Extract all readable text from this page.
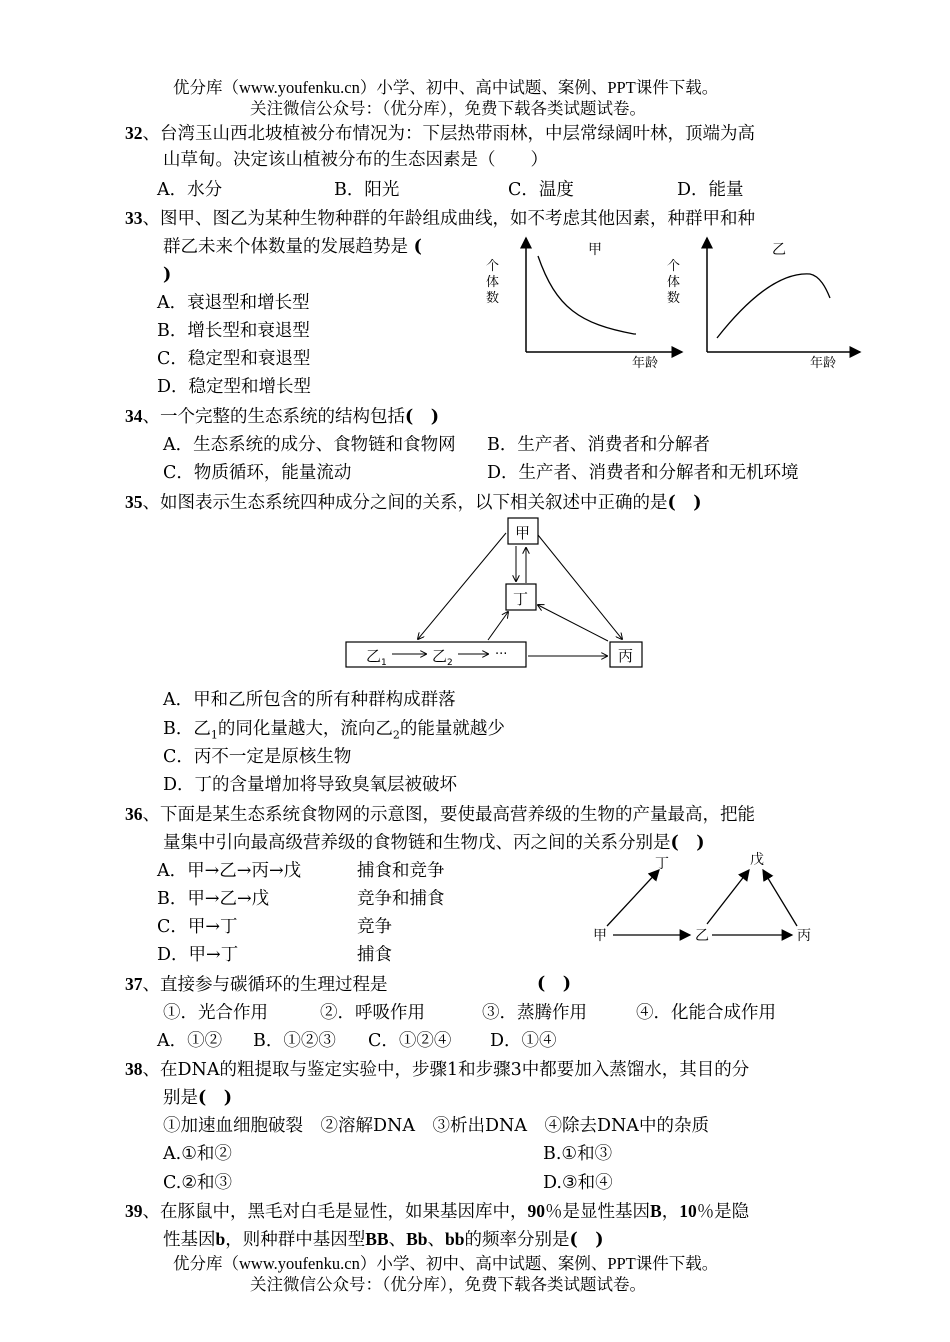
优分库（www.youfenku.cn）小学、初中、高中试题、案例、PPT课件下载。
关注微信公众号：（优分库），免费下载各类试题试卷。
32、台湾玉山西北坡植被分布情况为：下层热带雨林，中层常绿阔叶林，顶端为高
山草甸。决定该山植被分布的生态因素是（　　）
A．水分	B．阳光	C．温度	D．能量
33、图甲、图乙为某种生物种群的年龄组成曲线，如不考虑其他因素，种群甲和种
群乙未来个体数量的发展趋势是 (
)
A．衰退型和增长型
B．增长型和衰退型
C．稳定型和衰退型
D．稳定型和增长型
甲
年龄
个体数
乙
年龄
个体数
34、一个完整的生态系统的结构包括(　)
A．生态系统的成分、食物链和食物网 B．生产者、消费者和分解者
C．物质循环，能量流动	D．生产者、消费者和分解者和无机环境
35、如图表示生态系统四种成分之间的关系，以下相关叙述中正确的是(　)
甲
丁
丙
乙$_1$	乙$_2$
···
A．甲和乙所包含的所有种群构成群落
B．乙$_1$的同化量越大，流向乙$_2$的能量就越少
C．丙不一定是原核生物
D．丁的含量增加将导致臭氧层被破坏
36、下面是某生态系统食物网的示意图，要使最高营养级的生物的产量最高，把能
量集中引向最高级营养级的食物链和生物戊、丙之间的关系分别是(　)
A．甲→乙→丙→戊	捕食和竞争
B．甲→乙→戊	竞争和捕食
C．甲→丁	竞争
D．甲→丁	捕食
甲	乙	丙
丁	戊
37、直接参与碳循环的生理过程是	(　)
①．光合作用	②．呼吸作用	③．蒸腾作用	④．化能合成作用
A．①② B．①②③ C．①②④ D．①④
38、在DNA的粗提取与鉴定实验中，步骤1和步骤3中都要加入蒸馏水，其目的分
别是(　)
①加速血细胞破裂　②溶解DNA　③析出DNA　④除去DNA中的杂质
A.①和②	B.①和③
C.②和③	D.③和④
39、在豚鼠中，黑毛对白毛是显性，如果基因库中，90％是显性基因B，10％是隐
性基因b，则种群中基因型BB、Bb、bb的频率分别是(　)
优分库（www.youfenku.cn）小学、初中、高中试题、案例、PPT课件下载。
关注微信公众号：（优分库），免费下载各类试题试卷。
